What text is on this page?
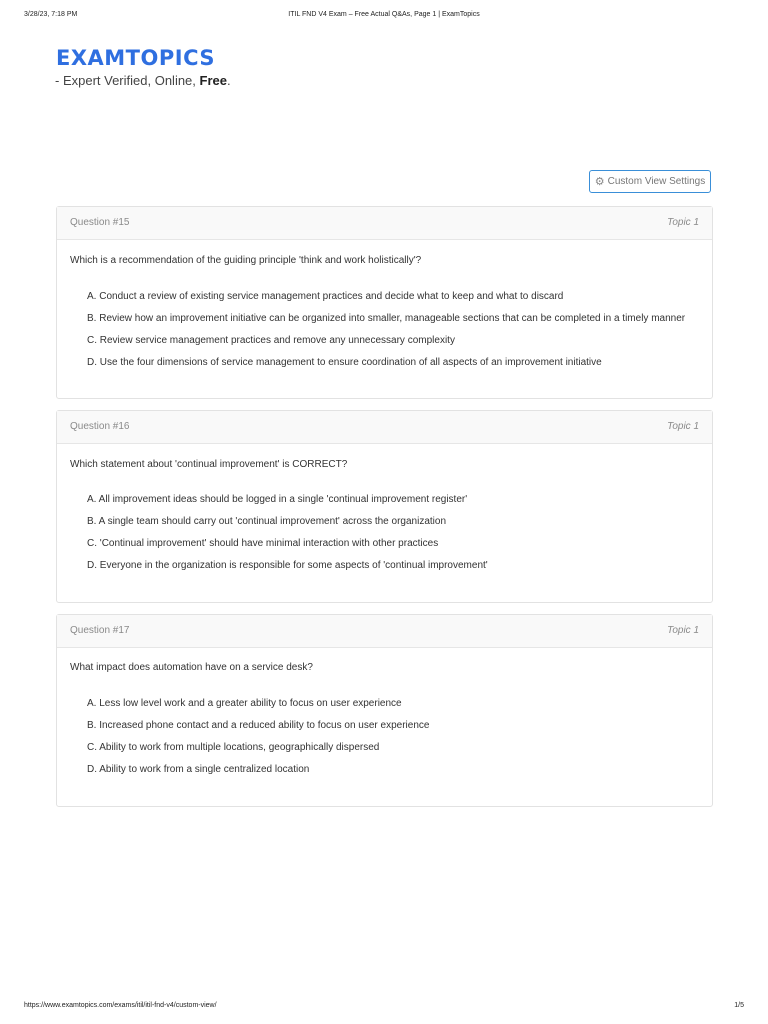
3/28/23, 7:18 PM	ITIL FND V4 Exam – Free Actual Q&As, Page 1 | ExamTopics
EXAMTOPICS
- Expert Verified, Online, Free.
⚙ Custom View Settings
Question #15	Topic 1
Which is a recommendation of the guiding principle 'think and work holistically'?
A. Conduct a review of existing service management practices and decide what to keep and what to discard
B. Review how an improvement initiative can be organized into smaller, manageable sections that can be completed in a timely manner
C. Review service management practices and remove any unnecessary complexity
D. Use the four dimensions of service management to ensure coordination of all aspects of an improvement initiative
Question #16	Topic 1
Which statement about 'continual improvement' is CORRECT?
A. All improvement ideas should be logged in a single 'continual improvement register'
B. A single team should carry out 'continual improvement' across the organization
C. 'Continual improvement' should have minimal interaction with other practices
D. Everyone in the organization is responsible for some aspects of 'continual improvement'
Question #17	Topic 1
What impact does automation have on a service desk?
A. Less low level work and a greater ability to focus on user experience
B. Increased phone contact and a reduced ability to focus on user experience
C. Ability to work from multiple locations, geographically dispersed
D. Ability to work from a single centralized location
https://www.examtopics.com/exams/itil/itil-fnd-v4/custom-view/	1/5
